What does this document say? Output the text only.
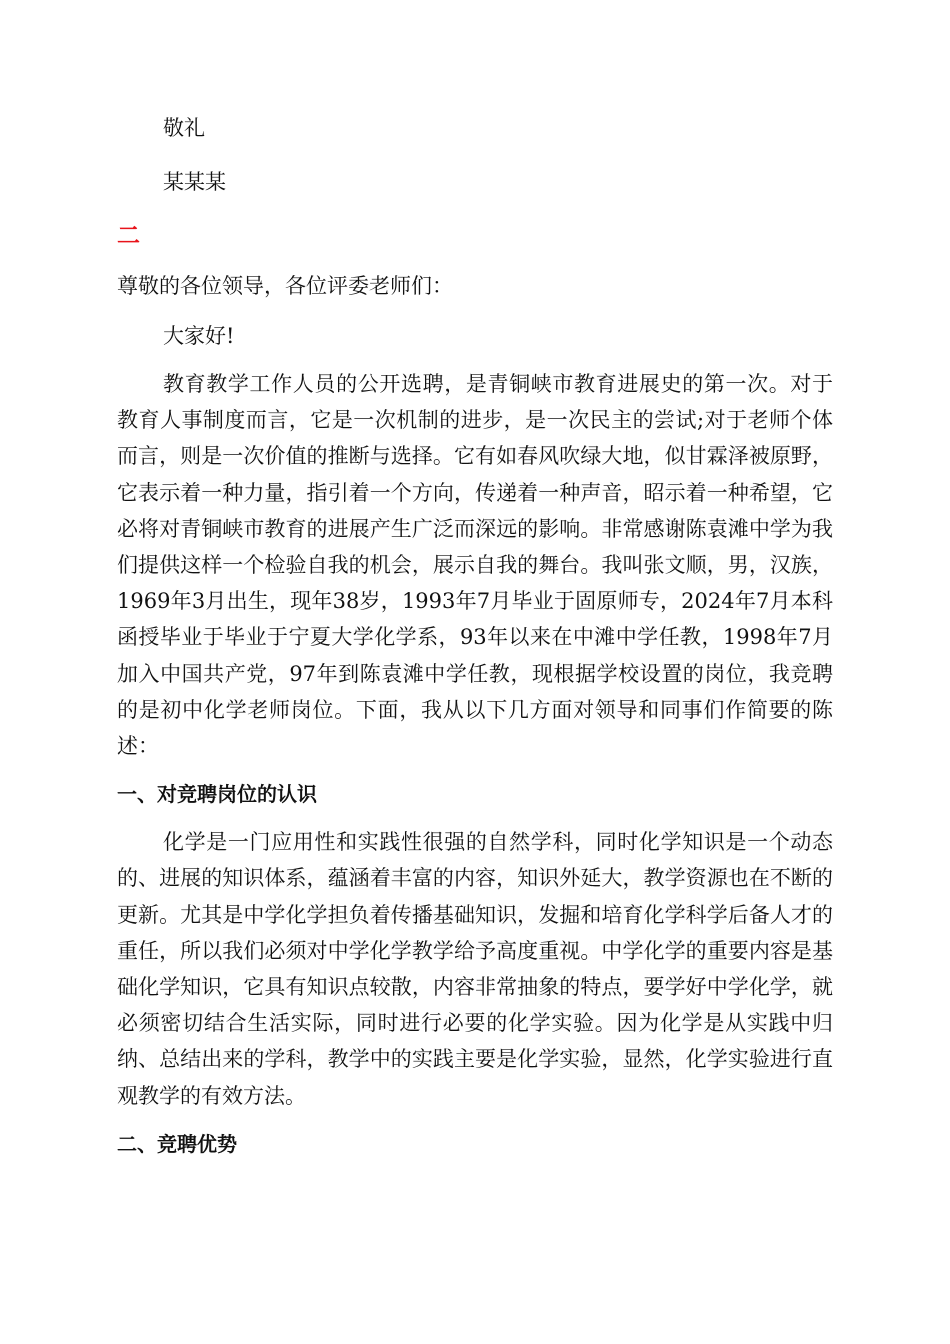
敬礼

某某某

二

尊敬的各位领导，各位评委老师们：

大家好!

教育教学工作人员的公开选聘，是青铜峡市教育进展史的第一次。对于教育人事制度而言，它是一次机制的进步，是一次民主的尝试;对于老师个体而言，则是一次价值的推断与选择。它有如春风吹绿大地，似甘霖泽被原野，它表示着一种力量，指引着一个方向，传递着一种声音，昭示着一种希望，它必将对青铜峡市教育的进展产生广泛而深远的影响。非常感谢陈袁滩中学为我们提供这样一个检验自我的机会，展示自我的舞台。我叫张文顺，男，汉族，1969年3月出生，现年38岁，1993年7月毕业于固原师专，2024年7月本科函授毕业于毕业于宁夏大学化学系，93年以来在中滩中学任教，1998年7月加入中国共产党，97年到陈袁滩中学任教，现根据学校设置的岗位，我竞聘的是初中化学老师岗位。下面，我从以下几方面对领导和同事们作简要的陈述：

一、对竞聘岗位的认识

化学是一门应用性和实践性很强的自然学科，同时化学知识是一个动态的、进展的知识体系，蕴涵着丰富的内容，知识外延大，教学资源也在不断的更新。尤其是中学化学担负着传播基础知识，发掘和培育化学科学后备人才的重任，所以我们必须对中学化学教学给予高度重视。中学化学的重要内容是基础化学知识，它具有知识点较散，内容非常抽象的特点，要学好中学化学，就必须密切结合生活实际，同时进行必要的化学实验。因为化学是从实践中归纳、总结出来的学科，教学中的实践主要是化学实验，显然，化学实验进行直观教学的有效方法。

二、竞聘优势
